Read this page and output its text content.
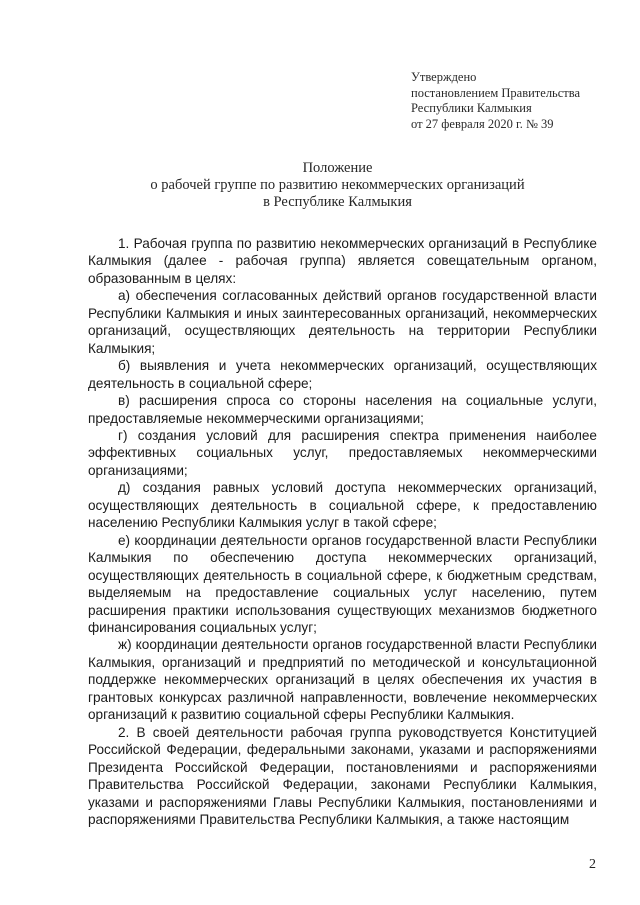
Утверждено
постановлением Правительства
Республики Калмыкия
от 27 февраля 2020 г. № 39
Положение
о рабочей группе по развитию некоммерческих организаций
в Республике Калмыкия

1. Рабочая группа по развитию некоммерческих организаций в Республике Калмыкия (далее - рабочая группа) является совещательным органом, образованным в целях:

а) обеспечения согласованных действий органов государственной власти Республики Калмыкия и иных заинтересованных организаций, некоммерческих организаций, осуществляющих деятельность на территории Республики Калмыкия;

б) выявления и учета некоммерческих организаций, осуществляющих деятельность в социальной сфере;

в) расширения спроса со стороны населения на социальные услуги, предоставляемые некоммерческими организациями;

г) создания условий для расширения спектра применения наиболее эффективных социальных услуг, предоставляемых некоммерческими организациями;

д) создания равных условий доступа некоммерческих организаций, осуществляющих деятельность в социальной сфере, к предоставлению населению Республики Калмыкия услуг в такой сфере;

е) координации деятельности органов государственной власти Республики Калмыкия по обеспечению доступа некоммерческих организаций, осуществляющих деятельность в социальной сфере, к бюджетным средствам, выделяемым на предоставление социальных услуг населению, путем расширения практики использования существующих механизмов бюджетного финансирования социальных услуг;

ж) координации деятельности органов государственной власти Республики Калмыкия, организаций и предприятий по методической и консультационной поддержке некоммерческих организаций в целях обеспечения их участия в грантовых конкурсах различной направленности, вовлечение некоммерческих организаций к развитию социальной сферы Республики Калмыкия.

2. В своей деятельности рабочая группа руководствуется Конституцией Российской Федерации, федеральными законами, указами и распоряжениями Президента Российской Федерации, постановлениями и распоряжениями Правительства Российской Федерации, законами Республики Калмыкия, указами и распоряжениями Главы Республики Калмыкия, постановлениями и распоряжениями Правительства Республики Калмыкия, а также настоящим

2
